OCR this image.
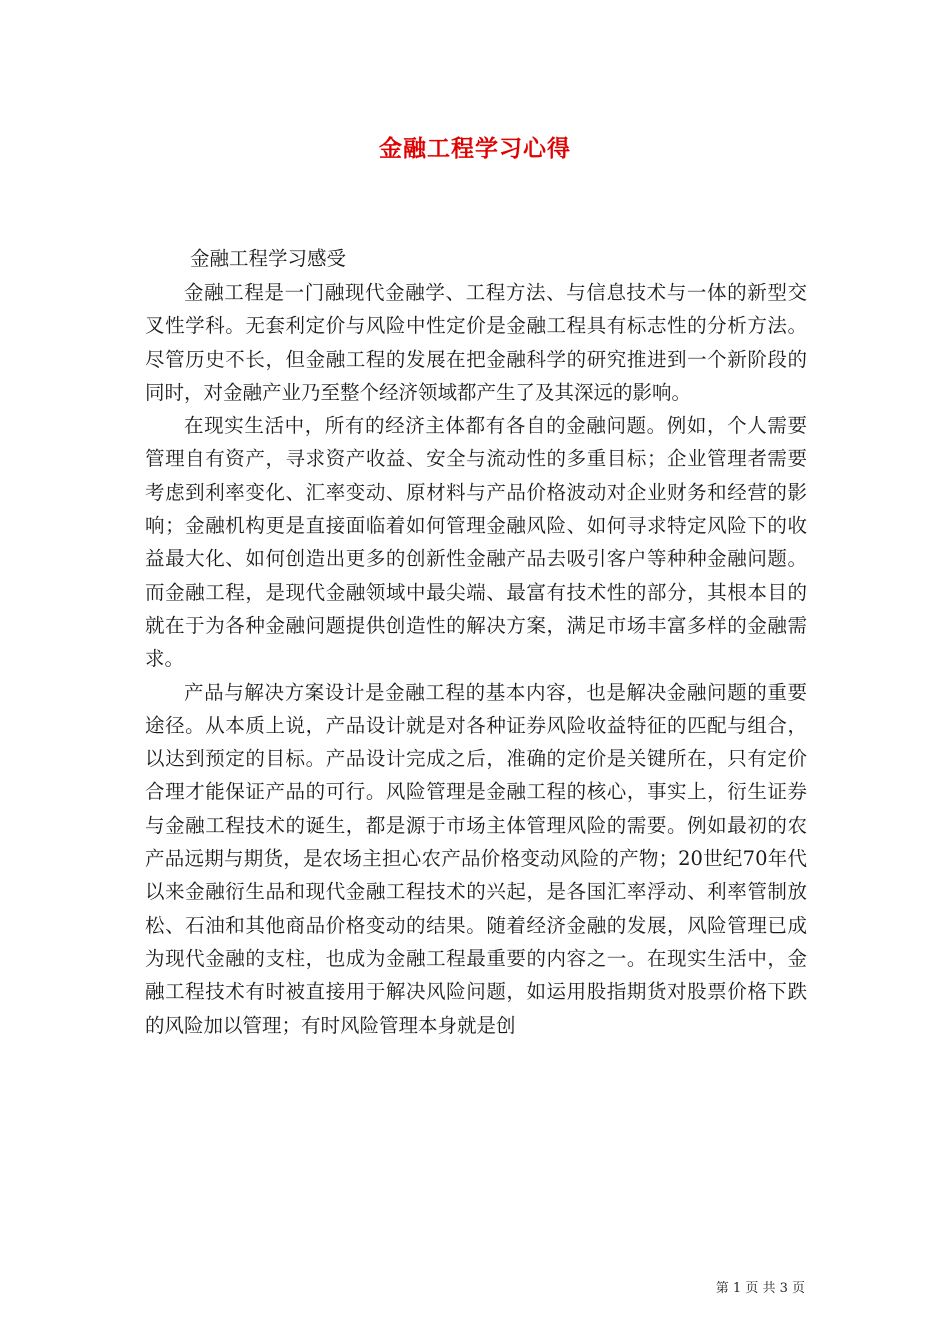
金融工程学习心得
金融工程学习感受

金融工程是一门融现代金融学、工程方法、与信息技术与一体的新型交叉性学科。无套利定价与风险中性定价是金融工程具有标志性的分析方法。尽管历史不长，但金融工程的发展在把金融科学的研究推进到一个新阶段的同时，对金融产业乃至整个经济领域都产生了及其深远的影响。

在现实生活中，所有的经济主体都有各自的金融问题。例如，个人需要管理自有资产，寻求资产收益、安全与流动性的多重目标；企业管理者需要考虑到利率变化、汇率变动、原材料与产品价格波动对企业财务和经营的影响；金融机构更是直接面临着如何管理金融风险、如何寻求特定风险下的收益最大化、如何创造出更多的创新性金融产品去吸引客户等种种金融问题。而金融工程，是现代金融领域中最尖端、最富有技术性的部分，其根本目的就在于为各种金融问题提供创造性的解决方案，满足市场丰富多样的金融需求。

产品与解决方案设计是金融工程的基本内容，也是解决金融问题的重要途径。从本质上说，产品设计就是对各种证券风险收益特征的匹配与组合，以达到预定的目标。产品设计完成之后，准确的定价是关键所在，只有定价合理才能保证产品的可行。风险管理是金融工程的核心，事实上，衍生证券与金融工程技术的诞生，都是源于市场主体管理风险的需要。例如最初的农产品远期与期货，是农场主担心农产品价格变动风险的产物；20世纪70年代以来金融衍生品和现代金融工程技术的兴起，是各国汇率浮动、利率管制放松、石油和其他商品价格变动的结果。随着经济金融的发展，风险管理已成为现代金融的支柱，也成为金融工程最重要的内容之一。在现实生活中，金融工程技术有时被直接用于解决风险问题，如运用股指期货对股票价格下跌的风险加以管理；有时风险管理本身就是创

第 1 页 共 3 页
